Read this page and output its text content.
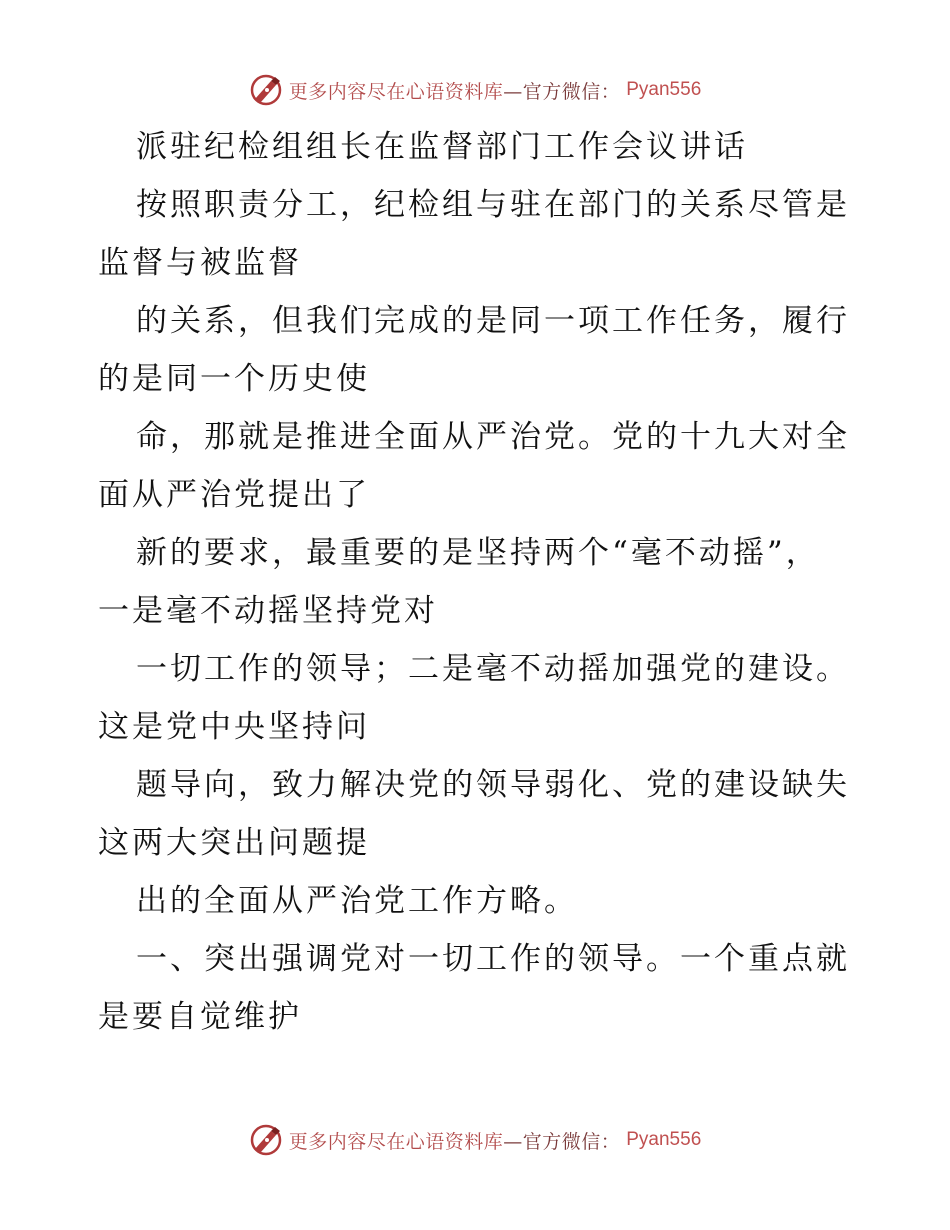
更多内容尽在心语资料库—官方微信： Pyan556
派驻纪检组组长在监督部门工作会议讲话
按照职责分工，纪检组与驻在部门的关系尽管是
监督与被监督
的关系，但我们完成的是同一项工作任务，履行
的是同一个历史使
命，那就是推进全面从严治党。党的十九大对全
面从严治党提出了
新的要求，最重要的是坚持两个“毫不动摇”，
一是毫不动摇坚持党对
一切工作的领导；二是毫不动摇加强党的建设。
这是党中央坚持问
题导向，致力解决党的领导弱化、党的建设缺失
这两大突出问题提
出的全面从严治党工作方略。
一、突出强调党对一切工作的领导。一个重点就
是要自觉维护
更多内容尽在心语资料库—官方微信： Pyan556
